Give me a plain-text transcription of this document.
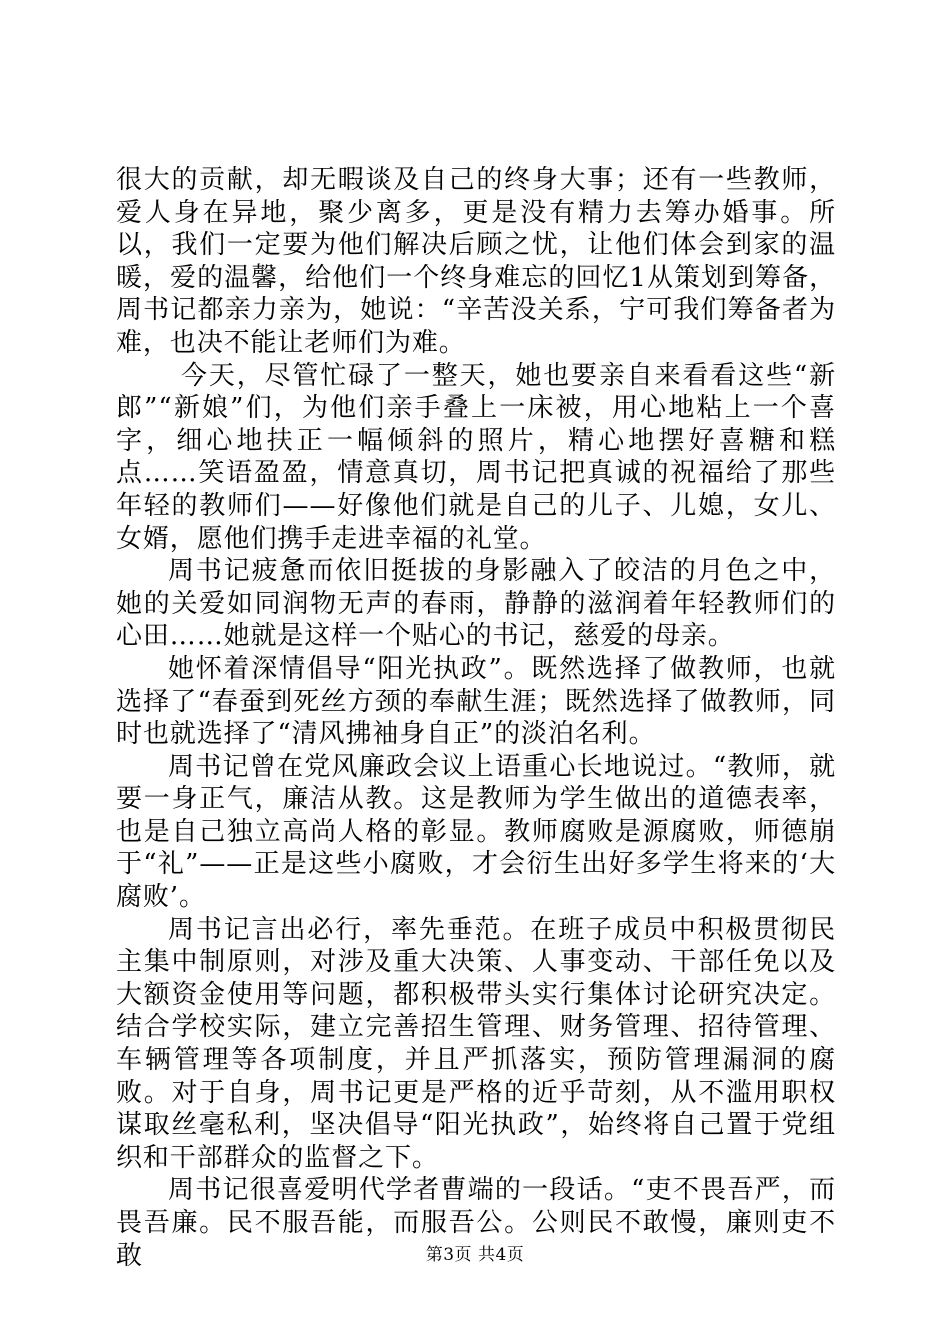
很大的贡献，却无暇谈及自己的终身大事；还有一些教师，爱人身在异地，聚少离多，更是没有精力去筹办婚事。所以，我们一定要为他们解决后顾之忧，让他们体会到家的温暖，爱的温馨，给他们一个终身难忘的回忆1从策划到筹备，周书记都亲力亲为，她说：“辛苦没关系，宁可我们筹备者为难，也决不能让老师们为难。

今天，尽管忙碌了一整天，她也要亲自来看看这些“新郎”“新娘”们，为他们亲手叠上一床被，用心地粘上一个喜字，细心地扶正一幅倾斜的照片，精心地摆好喜糖和糕点……笑语盈盈，情意真切，周书记把真诚的祝福给了那些年轻的教师们——好像他们就是自己的儿子、儿媳，女儿、女婿，愿他们携手走进幸福的礼堂。

周书记疲惫而依旧挺拔的身影融入了皎洁的月色之中，她的关爱如同润物无声的春雨，静静的滋润着年轻教师们的心田……她就是这样一个贴心的书记，慈爱的母亲。

她怀着深情倡导“阳光执政”。既然选择了做教师，也就选择了“春蚕到死丝方颈的奉献生涯；既然选择了做教师，同时也就选择了“清风拂袖身自正”的淡泊名利。

周书记曾在党风廉政会议上语重心长地说过。“教师，就要一身正气，廉洁从教。这是教师为学生做出的道德表率，也是自己独立高尚人格的彰显。教师腐败是源腐败，师德崩于“礼”——正是这些小腐败，才会衍生出好多学生将来的‘大腐败’。

周书记言出必行，率先垂范。在班子成员中积极贯彻民主集中制原则，对涉及重大决策、人事变动、干部任免以及大额资金使用等问题，都积极带头实行集体讨论研究决定。结合学校实际，建立完善招生管理、财务管理、招待管理、车辆管理等各项制度，并且严抓落实，预防管理漏洞的腐败。对于自身，周书记更是严格的近乎苛刻，从不滥用职权谋取丝毫私利，坚决倡导“阳光执政”，始终将自己置于党组织和干部群众的监督之下。

周书记很喜爱明代学者曹端的一段话。“吏不畏吾严，而畏吾廉。民不服吾能，而服吾公。公则民不敢慢，廉则吏不敢	第3页 共4页
